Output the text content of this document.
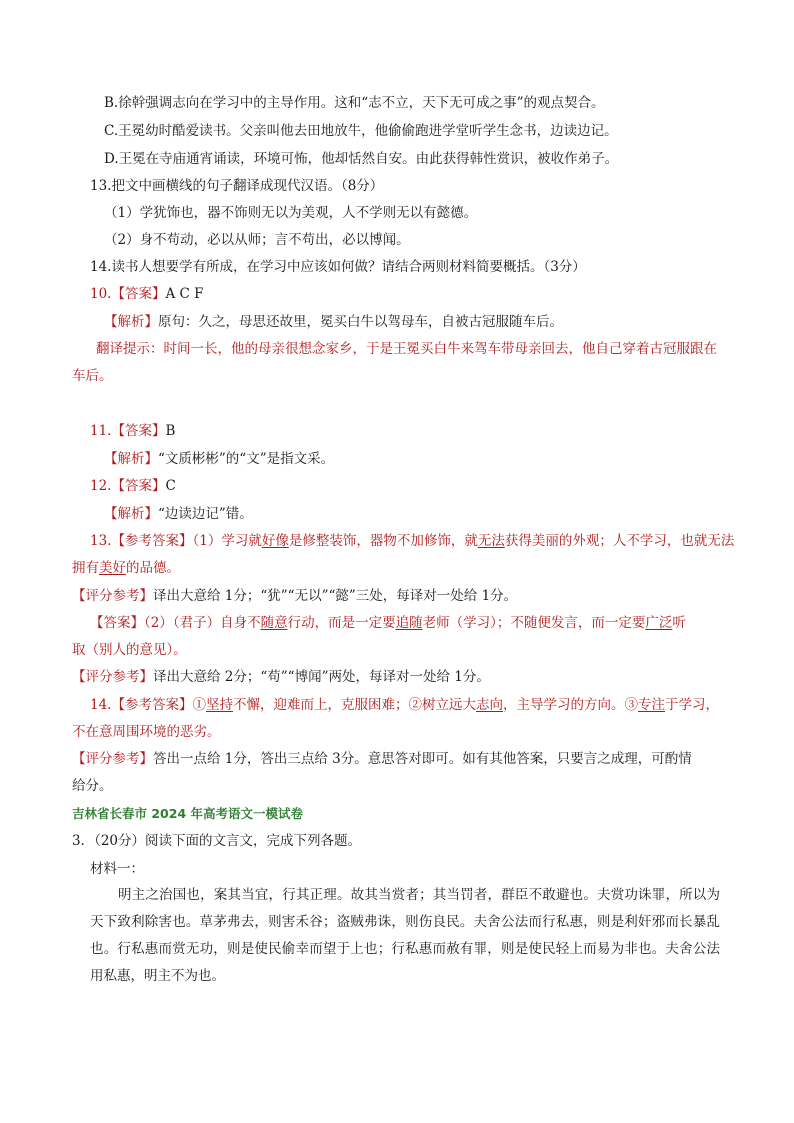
B.徐幹强调志向在学习中的主导作用。这和“志不立，天下无可成之事”的观点契合。
C.王冕幼时酷爱读书。父亲叫他去田地放牛，他偷偷跑进学堂听学生念书，边读边记。
D.王冕在寺庙通宵诵读，环境可怖，他却恬然自安。由此获得韩性赏识，被收作弟子。
13.把文中画横线的句子翻译成现代汉语。（8分）
（1）学犹饰也，器不饰则无以为美观，人不学则无以有懿德。
（2）身不苟动，必以从师；言不苟出，必以博闻。
14.读书人想要学有所成，在学习中应该如何做？请结合两则材料简要概括。（3分）
10.【答案】A C F
【解析】原句：久之，母思还故里，冕买白牛以驾母车，自被古冠服随车后。
翻译提示：时间一长，他的母亲很想念家乡，于是王冕买白牛来驾车带母亲回去，他自己穿着古冠服跟在
车后。
11.【答案】B
【解析】“文质彬彬”的“文”是指文采。
12.【答案】C
【解析】“边读边记”错。
13.【参考答案】（1）学习就好像是修整装饰，器物不加修饰，就无法获得美丽的外观；人不学习，也就无法
拥有美好的品德。
【评分参考】译出大意给 1分；“犹”“无以”“懿”三处，每译对一处给 1分。
【答案】（2）（君子）自身不随意行动，而是一定要追随老师（学习）；不随便发言，而一定要广泛听
取（别人的意见）。
【评分参考】译出大意给 2分；“苟”“博闻”两处，每译对一处给 1分。
14.【参考答案】①坚持不懈，迎难而上，克服困难；②树立远大志向，主导学习的方向。③专注于学习，
不在意周围环境的恶劣。
【评分参考】答出一点给 1分，答出三点给 3分。意思答对即可。如有其他答案，只要言之成理，可酌情
给分。
吉林省长春市 2024 年高考语文一模试卷
3．（20分）阅读下面的文言文，完成下列各题。
材料一：
明主之治国也，案其当宜，行其正理。故其当赏者；其当罚者，群臣不敢避也。夫赏功诛罪，所以为天下致利除害也。草茅弗去，则害禾谷；盗贼弗诛，则伤良民。夫舍公法而行私惠，则是利奸邪而长暴乱也。行私惠而赏无功，则是使民偷幸而望于上也；行私惠而赦有罪，则是使民轻上而易为非也。夫舍公法用私惠，明主不为也。
